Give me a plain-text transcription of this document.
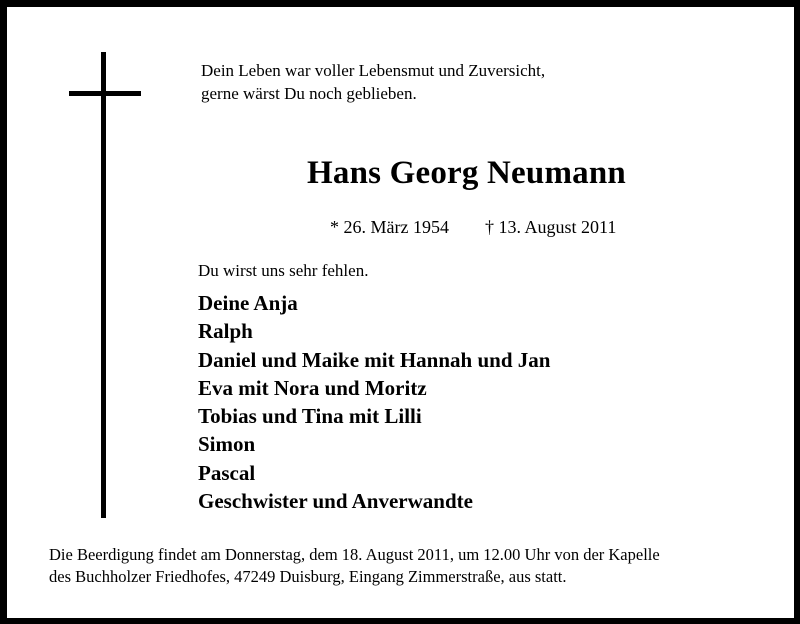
Dein Leben war voller Lebensmut und Zuversicht,
gerne wärst Du noch geblieben.
Hans Georg Neumann
* 26. März 1954 † 13. August 2011
Du wirst uns sehr fehlen.
Deine Anja
Ralph
Daniel und Maike mit Hannah und Jan
Eva mit Nora und Moritz
Tobias und Tina mit Lilli
Simon
Pascal
Geschwister und Anverwandte
Die Beerdigung findet am Donnerstag, dem 18. August 2011, um 12.00 Uhr von der Kapelle
des Buchholzer Friedhofes, 47249 Duisburg, Eingang Zimmerstraße, aus statt.
